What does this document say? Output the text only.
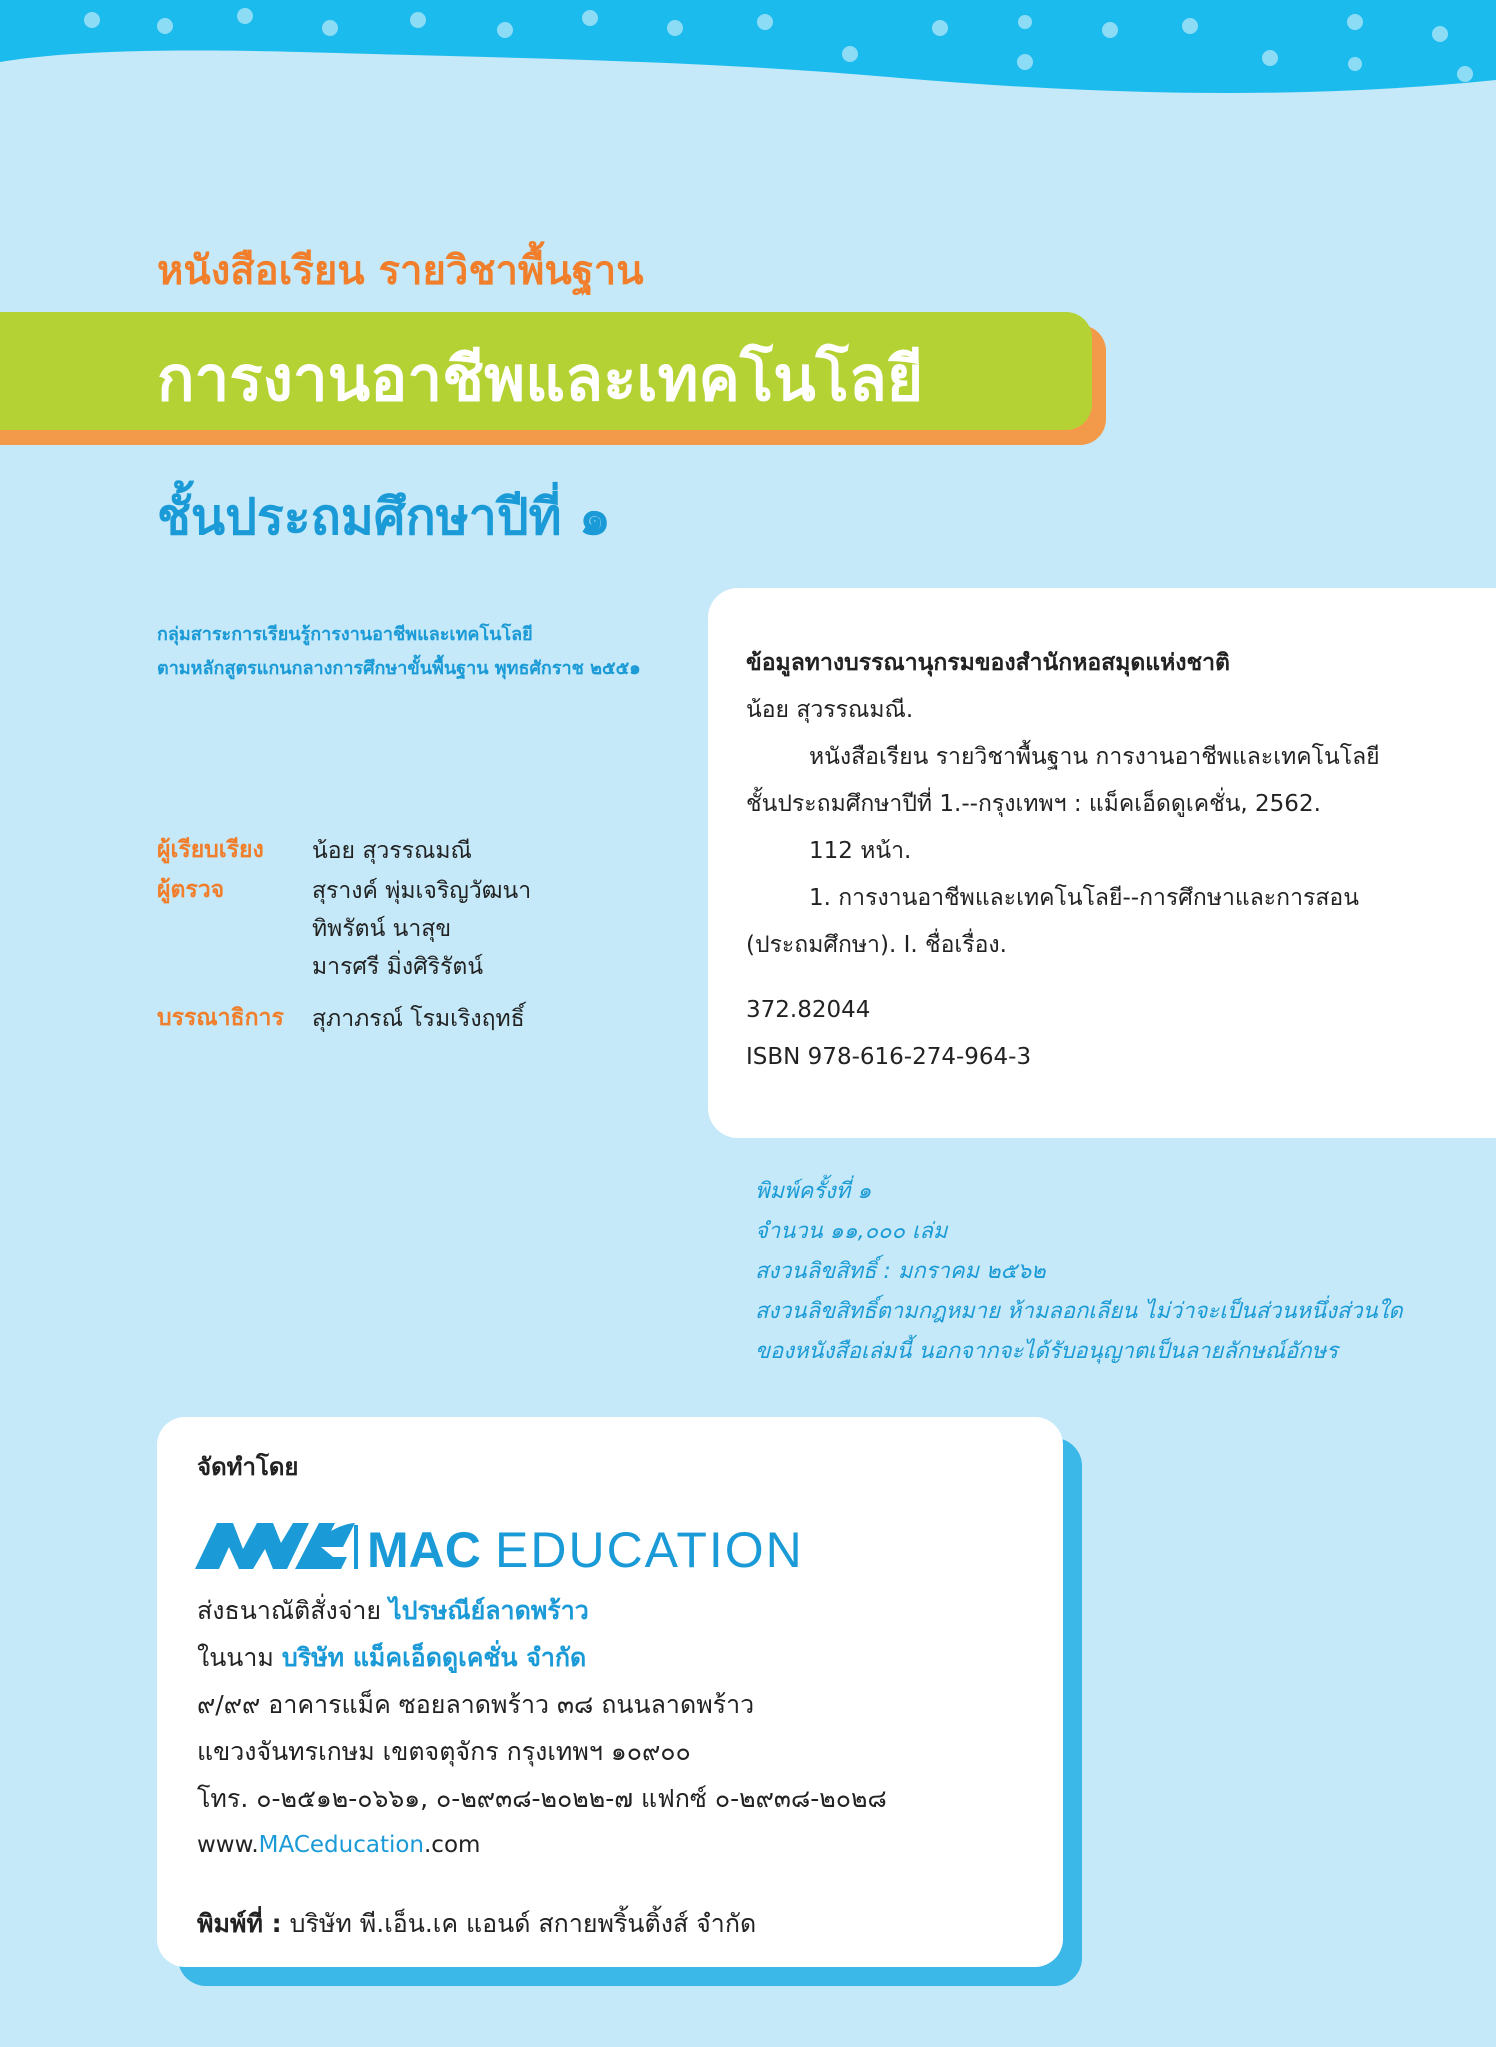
หนังสือเรียน รายวิชาพื้นฐาน
การงานอาชีพและเทคโนโลยี
ชั้นประถมศึกษาปีที่ ๑
กลุ่มสาระการเรียนรู้การงานอาชีพและเทคโนโลยี
ตามหลักสูตรแกนกลางการศึกษาขั้นพื้นฐาน พุทธศักราช ๒๕๕๑
ผู้เรียบเรียง น้อย สุวรรณมณี
ผู้ตรวจ	สุรางค์ พุ่มเจริญวัฒนา
ทิพรัตน์ นาสุข
มารศรี มิ่งศิริรัตน์
บรรณาธิการ สุภาภรณ์ โรมเริงฤทธิ์
ข้อมูลทางบรรณานุกรมของสำนักหอสมุดแห่งชาติ
น้อย สุวรรณมณี.
หนังสือเรียน รายวิชาพื้นฐาน การงานอาชีพและเทคโนโลยี
ชั้นประถมศึกษาปีที่ 1.--กรุงเทพฯ : แม็คเอ็ดดูเคชั่น, 2562.
112 หน้า.
1. การงานอาชีพและเทคโนโลยี--การศึกษาและการสอน
(ประถมศึกษา). I. ชื่อเรื่อง.
372.82044
ISBN 978-616-274-964-3
พิมพ์ครั้งที่ ๑
จำนวน ๑๑,๐๐๐ เล่ม
สงวนลิขสิทธิ์ : มกราคม ๒๕๖๒
สงวนลิขสิทธิ์ตามกฎหมาย ห้ามลอกเลียน ไม่ว่าจะเป็นส่วนหนึ่งส่วนใด
ของหนังสือเล่มนี้ นอกจากจะได้รับอนุญาตเป็นลายลักษณ์อักษร
จัดทำโดย
MAC EDUCATION
ส่งธนาณัติสั่งจ่าย ไปรษณีย์ลาดพร้าว
ในนาม บริษัท แม็คเอ็ดดูเคชั่น จำกัด
๙/๙๙ อาคารแม็ค ซอยลาดพร้าว ๓๘ ถนนลาดพร้าว
แขวงจันทรเกษม เขตจตุจักร กรุงเทพฯ ๑๐๙๐๐
โทร. ๐-๒๕๑๒-๐๖๖๑, ๐-๒๙๓๘-๒๐๒๒-๗ แฟกซ์ ๐-๒๙๓๘-๒๐๒๘
www.MACeducation.com
พิมพ์ที่ : บริษัท พี.เอ็น.เค แอนด์ สกายพริ้นติ้งส์ จำกัด
